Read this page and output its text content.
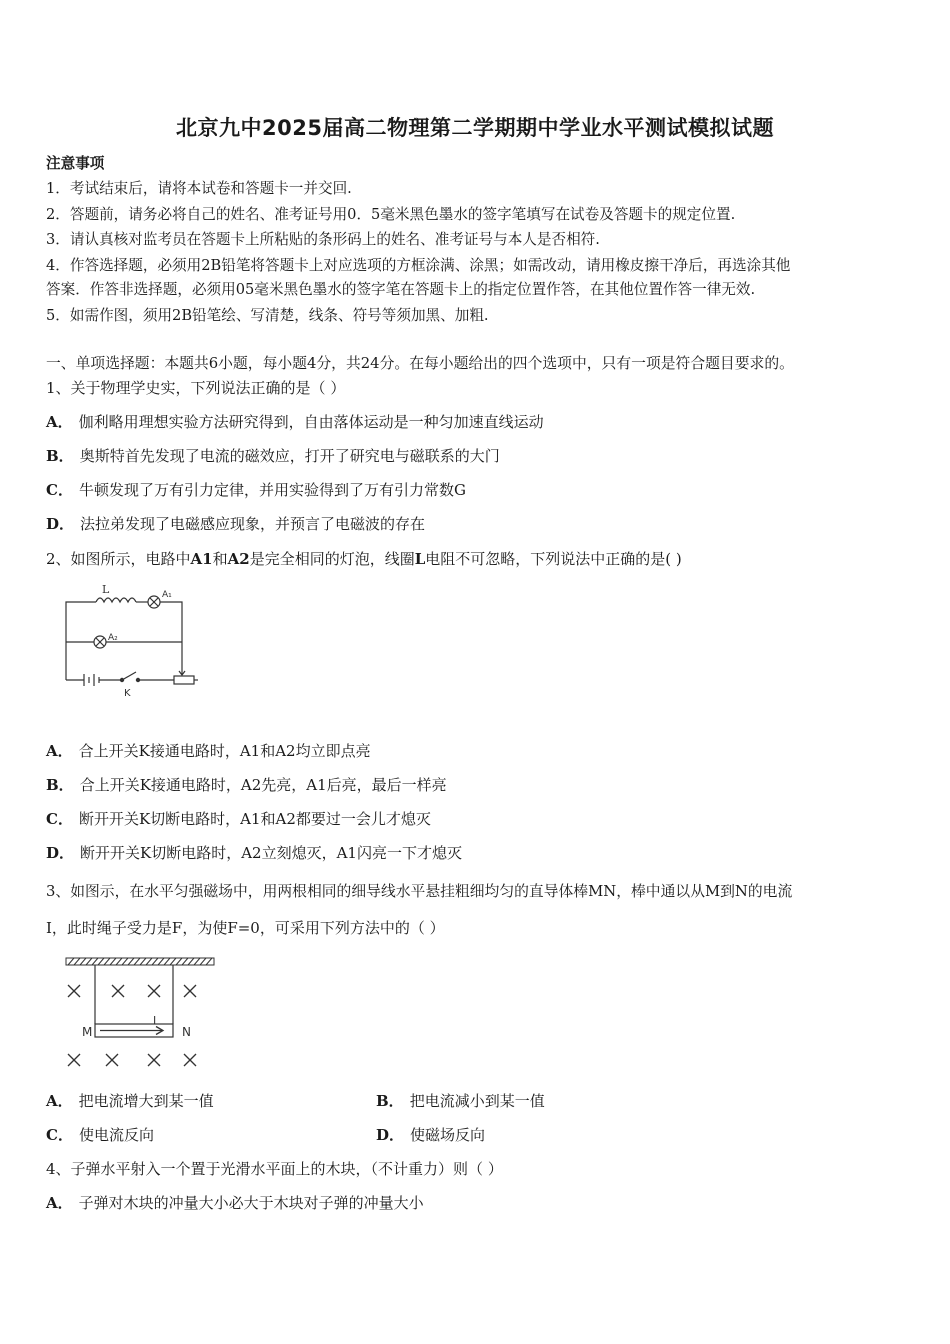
北京九中2025届高二物理第二学期期中学业水平测试模拟试题
注意事项
1．考试结束后，请将本试卷和答题卡一并交回.
2．答题前，请务必将自己的姓名、准考证号用0．5毫米黑色墨水的签字笔填写在试卷及答题卡的规定位置.
3．请认真核对监考员在答题卡上所粘贴的条形码上的姓名、准考证号与本人是否相符.
4．作答选择题，必须用2B铅笔将答题卡上对应选项的方框涂满、涂黑；如需改动，请用橡皮擦干净后，再选涂其他
答案．作答非选择题，必须用05毫米黑色墨水的签字笔在答题卡上的指定位置作答，在其他位置作答一律无效.
5．如需作图，须用2B铅笔绘、写清楚，线条、符号等须加黑、加粗.
一、单项选择题：本题共6小题，每小题4分，共24分。在每小题给出的四个选项中，只有一项是符合题目要求的。
1、关于物理学史实，下列说法正确的是（ ）
A． 伽利略用理想实验方法研究得到，自由落体运动是一种匀加速直线运动
B． 奥斯特首先发现了电流的磁效应，打开了研究电与磁联系的大门
C． 牛顿发现了万有引力定律，并用实验得到了万有引力常数G
D． 法拉弟发现了电磁感应现象，并预言了电磁波的存在
2、如图所示，电路中A1和A2是完全相同的灯泡，线圈L电阻不可忽略，下列说法中正确的是( )
L	A₁
A₂
K
A． 合上开关K接通电路时，A1和A2均立即点亮
B． 合上开关K接通电路时，A2先亮，A1后亮，最后一样亮
C． 断开开关K切断电路时，A1和A2都要过一会儿才熄灭
D． 断开开关K切断电路时，A2立刻熄灭，A1闪亮一下才熄灭
3、如图示，在水平匀强磁场中，用两根相同的细导线水平悬挂粗细均匀的直导体棒MN，棒中通以从M到N的电流
I，此时绳子受力是F，为使F=0，可采用下列方法中的（ ）
M	N
I
A． 把电流增大到某一值	B． 把电流减小到某一值
C． 使电流反向	D． 使磁场反向
4、子弹水平射入一个置于光滑水平面上的木块，（不计重力）则（ ）
A． 子弹对木块的冲量大小必大于木块对子弹的冲量大小
